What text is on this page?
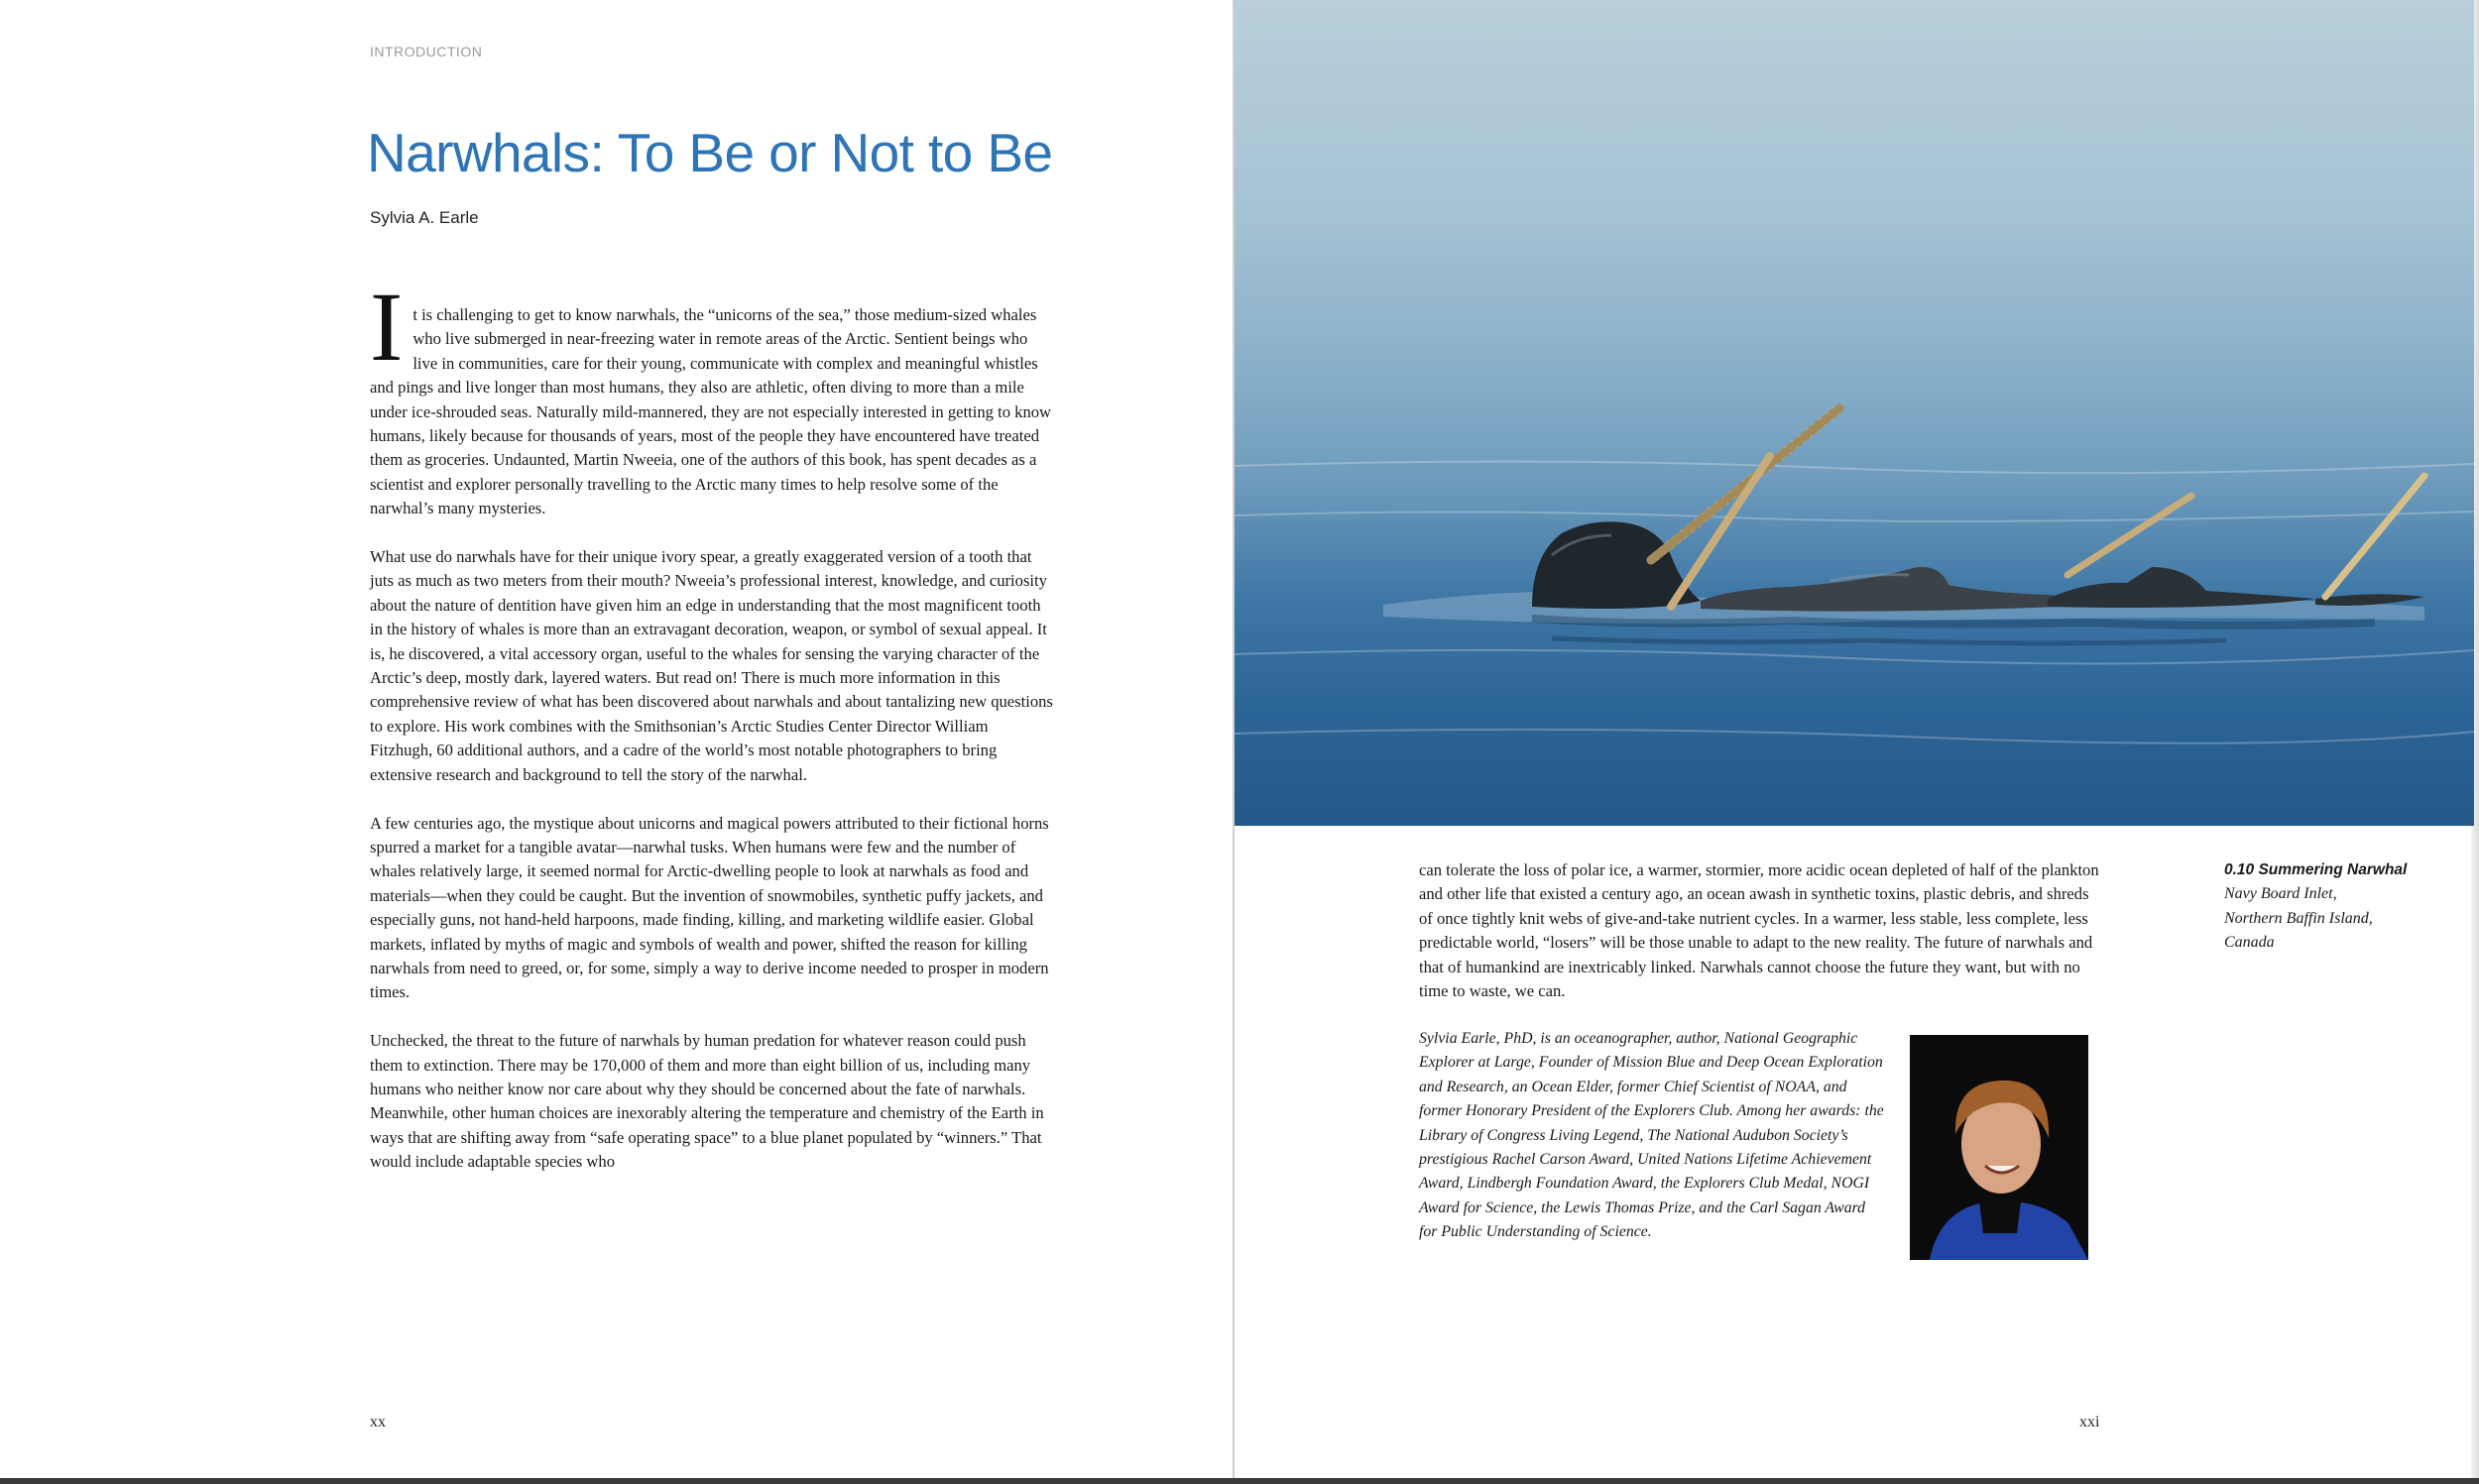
INTRODUCTION
Narwhals: To Be or Not to Be
Sylvia A. Earle

It is challenging to get to know narwhals, the “unicorns of the sea,” those medium-sized whales who live submerged in near-freezing water in remote areas of the Arctic. Sentient beings who live in communities, care for their young, communicate with complex and meaningful whistles and pings and live longer than most humans, they also are athletic, often diving to more than a mile under ice-shrouded seas. Naturally mild-mannered, they are not especially interested in getting to know humans, likely because for thousands of years, most of the people they have encountered have treated them as groceries. Undaunted, Martin Nweeia, one of the authors of this book, has spent decades as a scientist and explorer personally travelling to the Arctic many times to help resolve some of the narwhal’s many mysteries.

What use do narwhals have for their unique ivory spear, a greatly exaggerated version of a tooth that juts as much as two meters from their mouth? Nweeia’s professional interest, knowledge, and curiosity about the nature of dentition have given him an edge in understanding that the most magnificent tooth in the history of whales is more than an extravagant decoration, weapon, or symbol of sexual appeal. It is, he discovered, a vital accessory organ, useful to the whales for sensing the varying character of the Arctic’s deep, mostly dark, layered waters. But read on! There is much more information in this comprehensive review of what has been discovered about narwhals and about tantalizing new questions to explore. His work combines with the Smithsonian’s Arctic Studies Center Director William Fitzhugh, 60 additional authors, and a cadre of the world’s most notable photographers to bring extensive research and background to tell the story of the narwhal.

A few centuries ago, the mystique about unicorns and magical powers attributed to their fictional horns spurred a market for a tangible avatar—narwhal tusks. When humans were few and the number of whales relatively large, it seemed normal for Arctic-dwelling people to look at narwhals as food and materials—when they could be caught. But the invention of snowmobiles, synthetic puffy jackets, and especially guns, not hand-held harpoons, made finding, killing, and marketing wildlife easier. Global markets, inflated by myths of magic and symbols of wealth and power, shifted the reason for killing narwhals from need to greed, or, for some, simply a way to derive income needed to prosper in modern times.

Unchecked, the threat to the future of narwhals by human predation for whatever reason could push them to extinction. There may be 170,000 of them and more than eight billion of us, including many humans who neither know nor care about why they should be concerned about the fate of narwhals. Meanwhile, other human choices are inexorably altering the temperature and chemistry of the Earth in ways that are shifting away from “safe operating space” to a blue planet populated by “winners.” That would include adaptable species who

xx

can tolerate the loss of polar ice, a warmer, stormier, more acidic ocean depleted of half of the plankton and other life that existed a century ago, an ocean awash in synthetic toxins, plastic debris, and shreds of once tightly knit webs of give-and-take nutrient cycles. In a warmer, less stable, less complete, less predictable world, “losers” will be those unable to adapt to the new reality. The future of narwhals and that of humankind are inextricably linked. Narwhals cannot choose the future they want, but with no time to waste, we can.

Sylvia Earle, PhD, is an oceanographer, author, National Geographic Explorer at Large, Founder of Mission Blue and Deep Ocean Exploration and Research, an Ocean Elder, former Chief Scientist of NOAA, and former Honorary President of the Explorers Club. Among her awards: the Library of Congress Living Legend, The National Audubon Society’s prestigious Rachel Carson Award, United Nations Lifetime Achievement Award, Lindbergh Foundation Award, the Explorers Club Medal, NOGI Award for Science, the Lewis Thomas Prize, and the Carl Sagan Award for Public Understanding of Science.
0.10 Summering Narwhal
Navy Board Inlet,
Northern Baffin Island,
Canada
xxi
